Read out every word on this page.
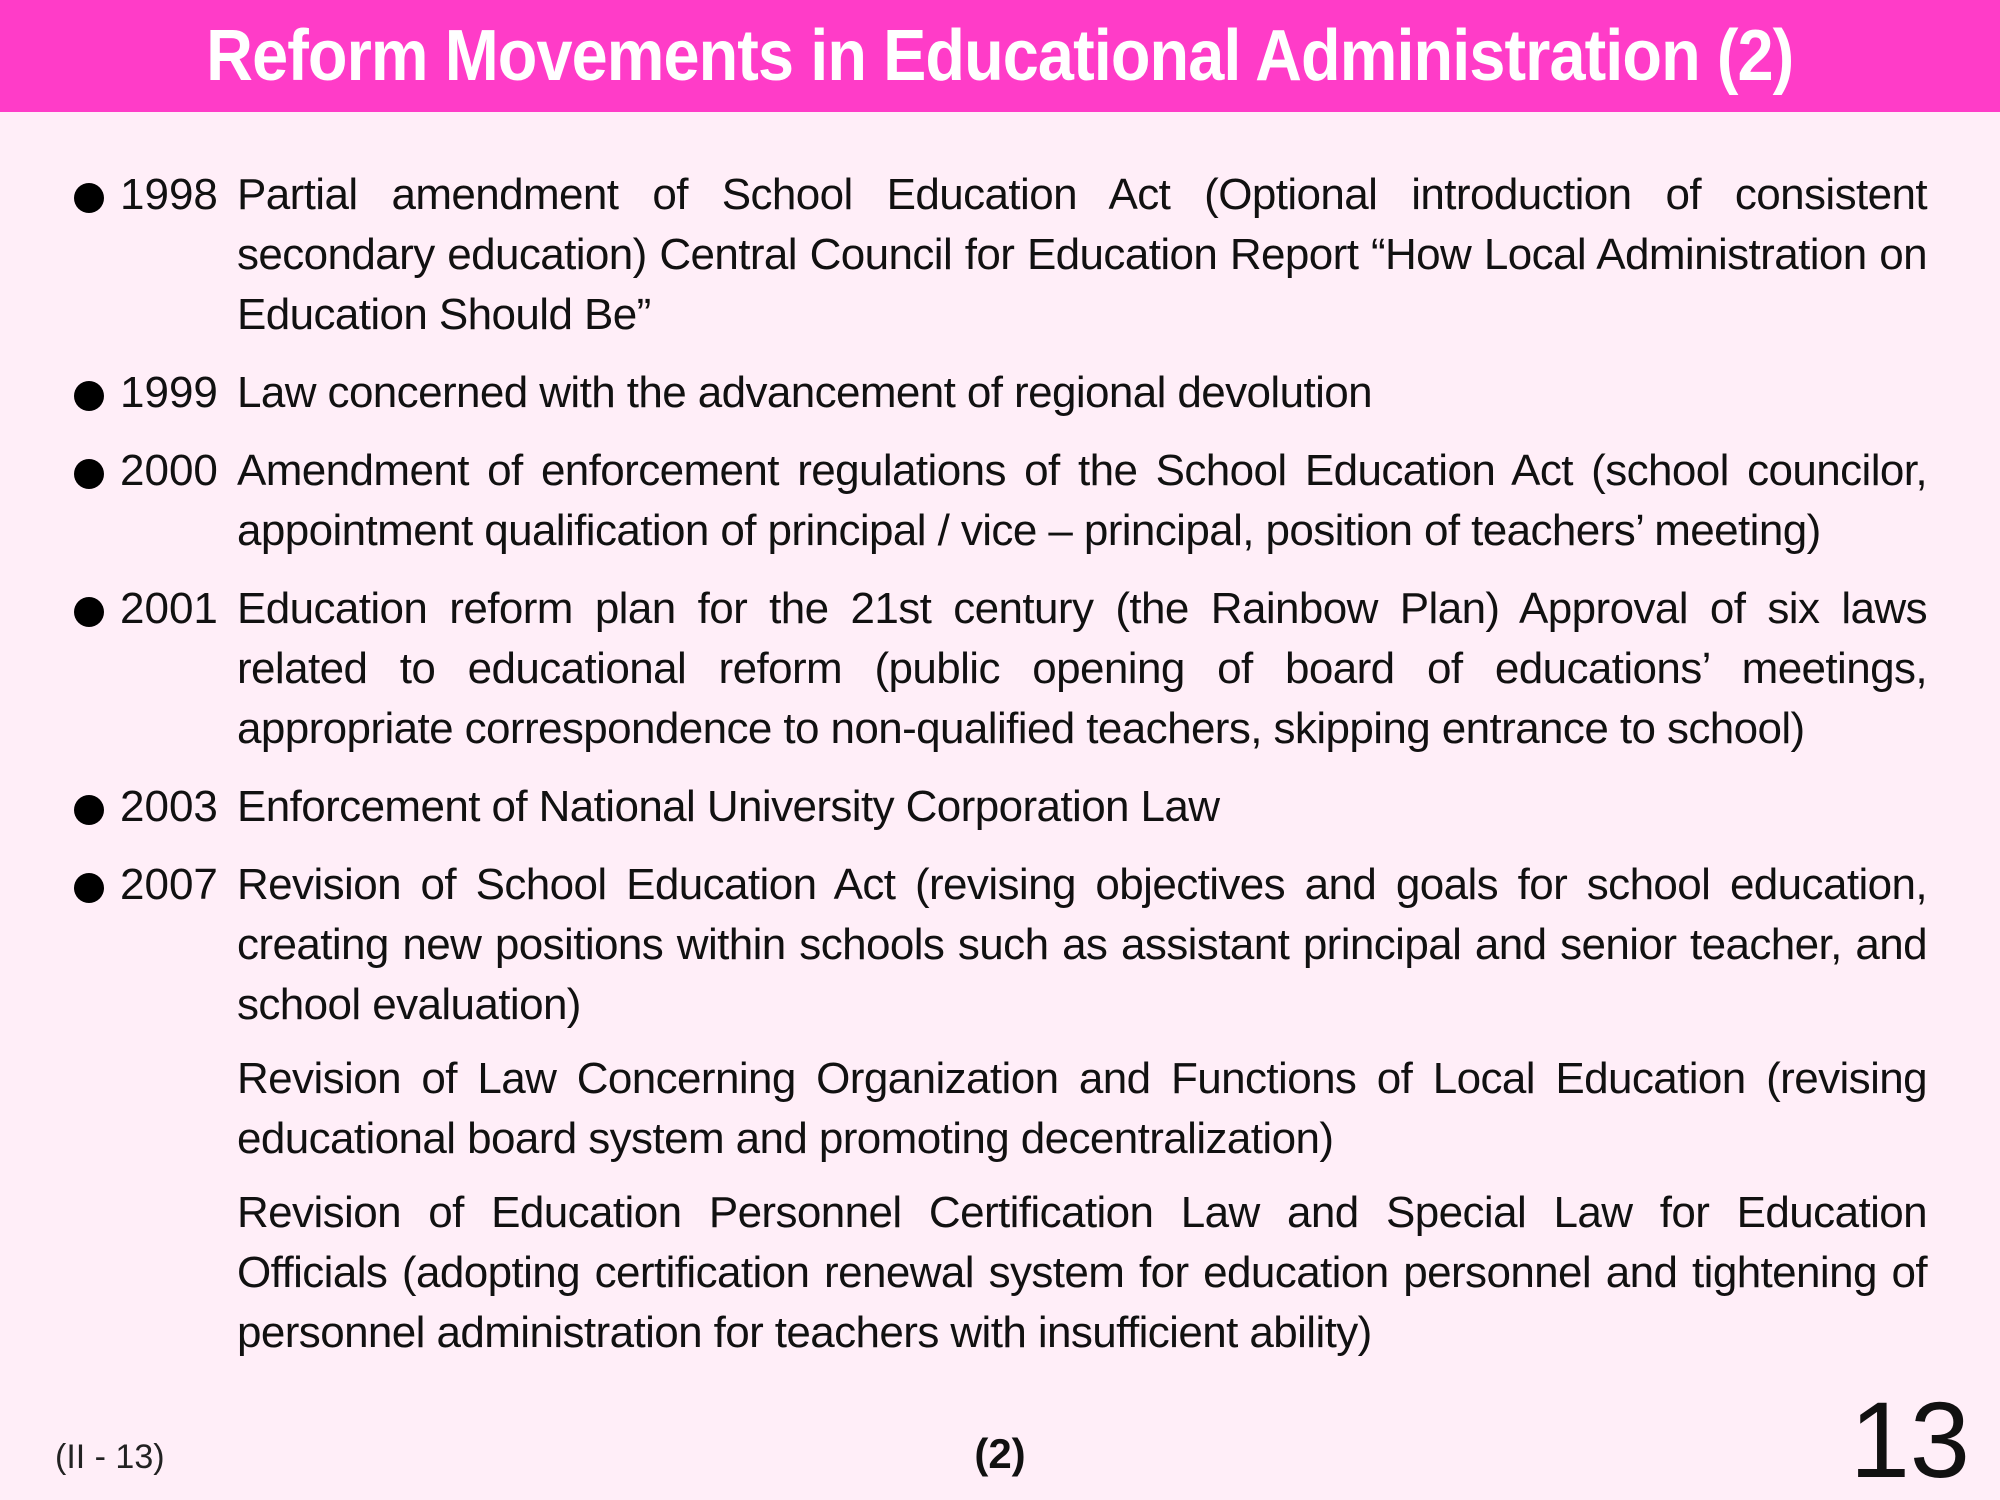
Reform Movements in Educational Administration (2)
1998 Partial amendment of School Education Act (Optional introduction of consistent secondary education) Central Council for Education Report “How Local Administration on Education Should Be”
1999 Law concerned with the advancement of regional devolution
2000 Amendment of enforcement regulations of the School Education Act (school councilor, appointment qualification of principal / vice – principal, position of teachers’ meeting)
2001 Education reform plan for the 21st century (the Rainbow Plan) Approval of six laws related to educational reform (public opening of board of educations’ meetings, appropriate correspondence to non-qualified teachers, skipping entrance to school)
2003 Enforcement of National University Corporation Law
2007 Revision of School Education Act (revising objectives and goals for school education, creating new positions within schools such as assistant principal and senior teacher, and school evaluation)
Revision of Law Concerning Organization and Functions of Local Education (revising educational board system and promoting decentralization)
Revision of Education Personnel Certification Law and Special Law for Education Officials (adopting certification renewal system for education personnel and tightening of personnel administration for teachers with insufficient ability)
(II - 13)	(2)	13
